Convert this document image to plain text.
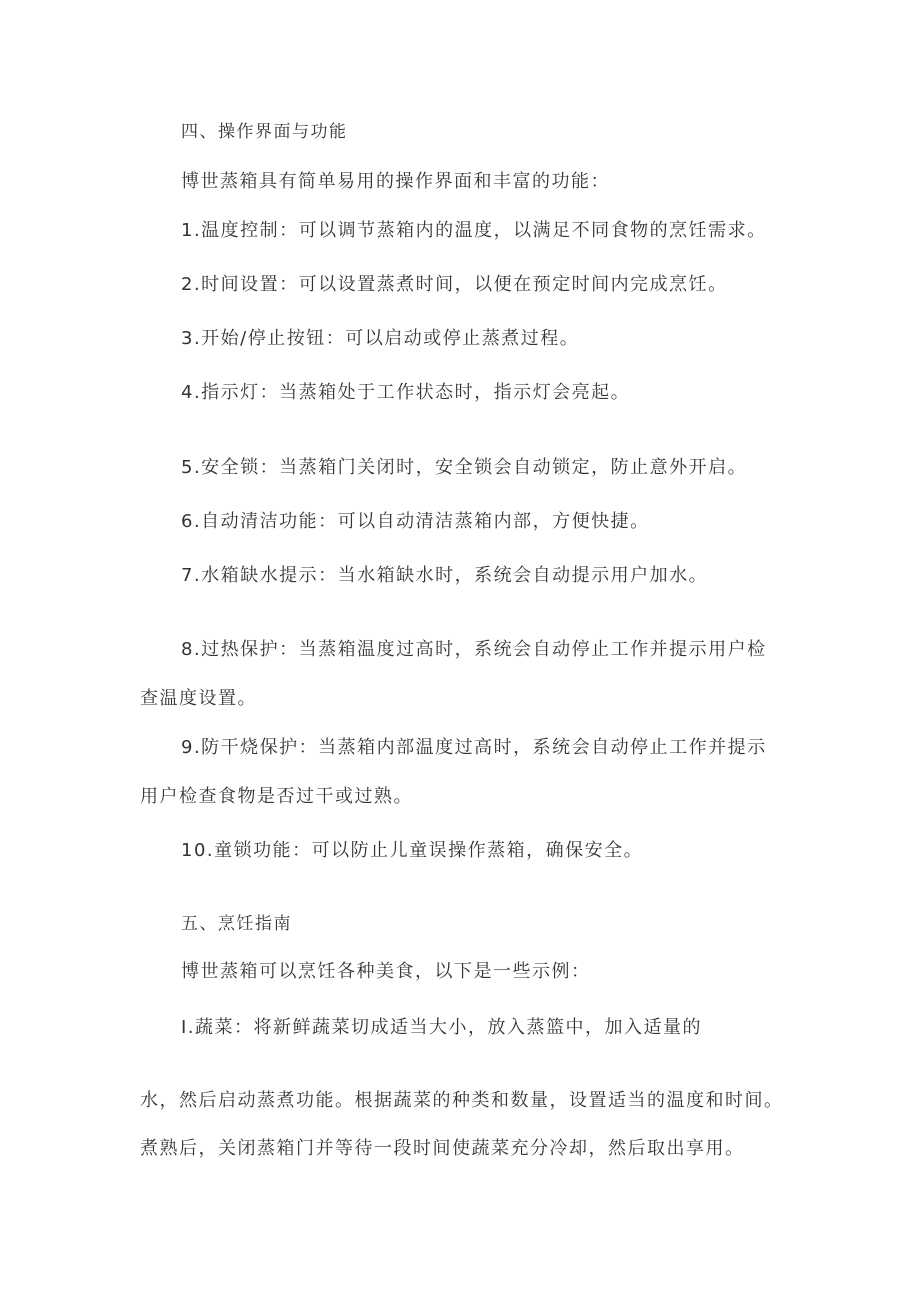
四、操作界面与功能
博世蒸箱具有简单易用的操作界面和丰富的功能：
1.温度控制：可以调节蒸箱内的温度，以满足不同食物的烹饪需求。
2.时间设置：可以设置蒸煮时间，以便在预定时间内完成烹饪。
3.开始/停止按钮：可以启动或停止蒸煮过程。
4.指示灯：当蒸箱处于工作状态时，指示灯会亮起。
5.安全锁：当蒸箱门关闭时，安全锁会自动锁定，防止意外开启。
6.自动清洁功能：可以自动清洁蒸箱内部，方便快捷。
7.水箱缺水提示：当水箱缺水时，系统会自动提示用户加水。
8.过热保护：当蒸箱温度过高时，系统会自动停止工作并提示用户检
查温度设置。
9.防干烧保护：当蒸箱内部温度过高时，系统会自动停止工作并提示
用户检查食物是否过干或过熟。
10.童锁功能：可以防止儿童误操作蒸箱，确保安全。
五、烹饪指南
博世蒸箱可以烹饪各种美食，以下是一些示例：
I.蔬菜：将新鲜蔬菜切成适当大小，放入蒸篮中，加入适量的
水，然后启动蒸煮功能。根据蔬菜的种类和数量，设置适当的温度和时间。
煮熟后，关闭蒸箱门并等待一段时间使蔬菜充分冷却，然后取出享用。
